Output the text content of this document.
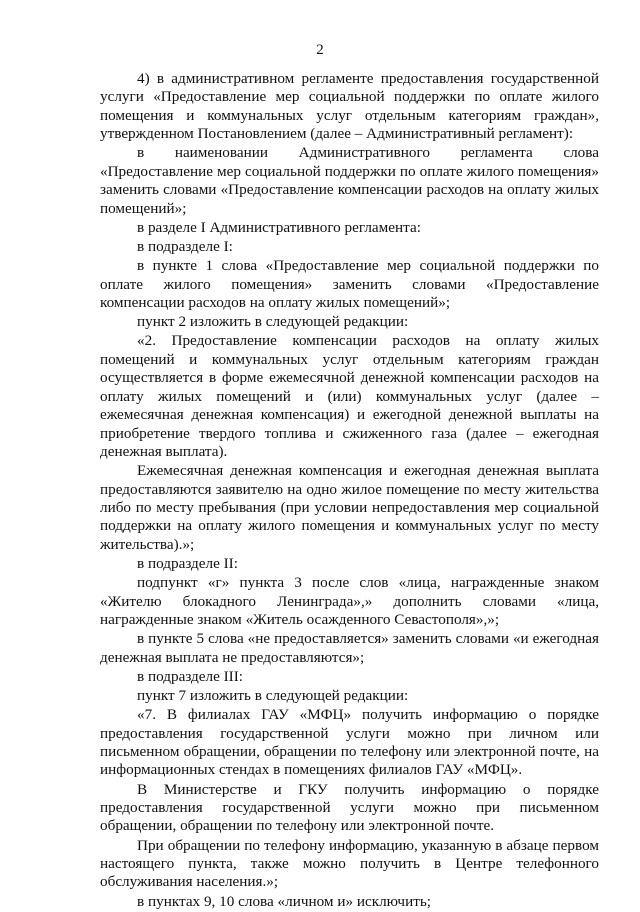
2

4) в административном регламенте предоставления государственной услуги «Предоставление мер социальной поддержки по оплате жилого помещения и коммунальных услуг отдельным категориям граждан», утвержденном Постановлением (далее – Административный регламент):

в наименовании Административного регламента слова «Предоставление мер социальной поддержки по оплате жилого помещения» заменить словами «Предоставление компенсации расходов на оплату жилых помещений»;

в разделе I Административного регламента:

в подразделе I:

в пункте 1 слова «Предоставление мер социальной поддержки по оплате жилого помещения» заменить словами «Предоставление компенсации расходов на оплату жилых помещений»;

пункт 2 изложить в следующей редакции:

«2. Предоставление компенсации расходов на оплату жилых помещений и коммунальных услуг отдельным категориям граждан осуществляется в форме ежемесячной денежной компенсации расходов на оплату жилых помещений и (или) коммунальных услуг (далее – ежемесячная денежная компенсация) и ежегодной денежной выплаты на приобретение твердого топлива и сжиженного газа (далее – ежегодная денежная выплата).

Ежемесячная денежная компенсация и ежегодная денежная выплата предоставляются заявителю на одно жилое помещение по месту жительства либо по месту пребывания (при условии непредоставления мер социальной поддержки на оплату жилого помещения и коммунальных услуг по месту жительства).»;

в подразделе II:

подпункт «г» пункта 3 после слов «лица, награжденные знаком «Жителю блокадного Ленинграда»,» дополнить словами «лица, награжденные знаком «Житель осажденного Севастополя»,»;

в пункте 5 слова «не предоставляется» заменить словами «и ежегодная денежная выплата не предоставляются»;

в подразделе III:

пункт 7 изложить в следующей редакции:

«7. В филиалах ГАУ «МФЦ» получить информацию о порядке предоставления государственной услуги можно при личном или письменном обращении, обращении по телефону или электронной почте, на информационных стендах в помещениях филиалов ГАУ «МФЦ».

В Министерстве и ГКУ получить информацию о порядке предоставления государственной услуги можно при письменном обращении, обращении по телефону или электронной почте.

При обращении по телефону информацию, указанную в абзаце первом настоящего пункта, также можно получить в Центре телефонного обслуживания населения.»;

в пунктах 9, 10 слова «личном и» исключить;
